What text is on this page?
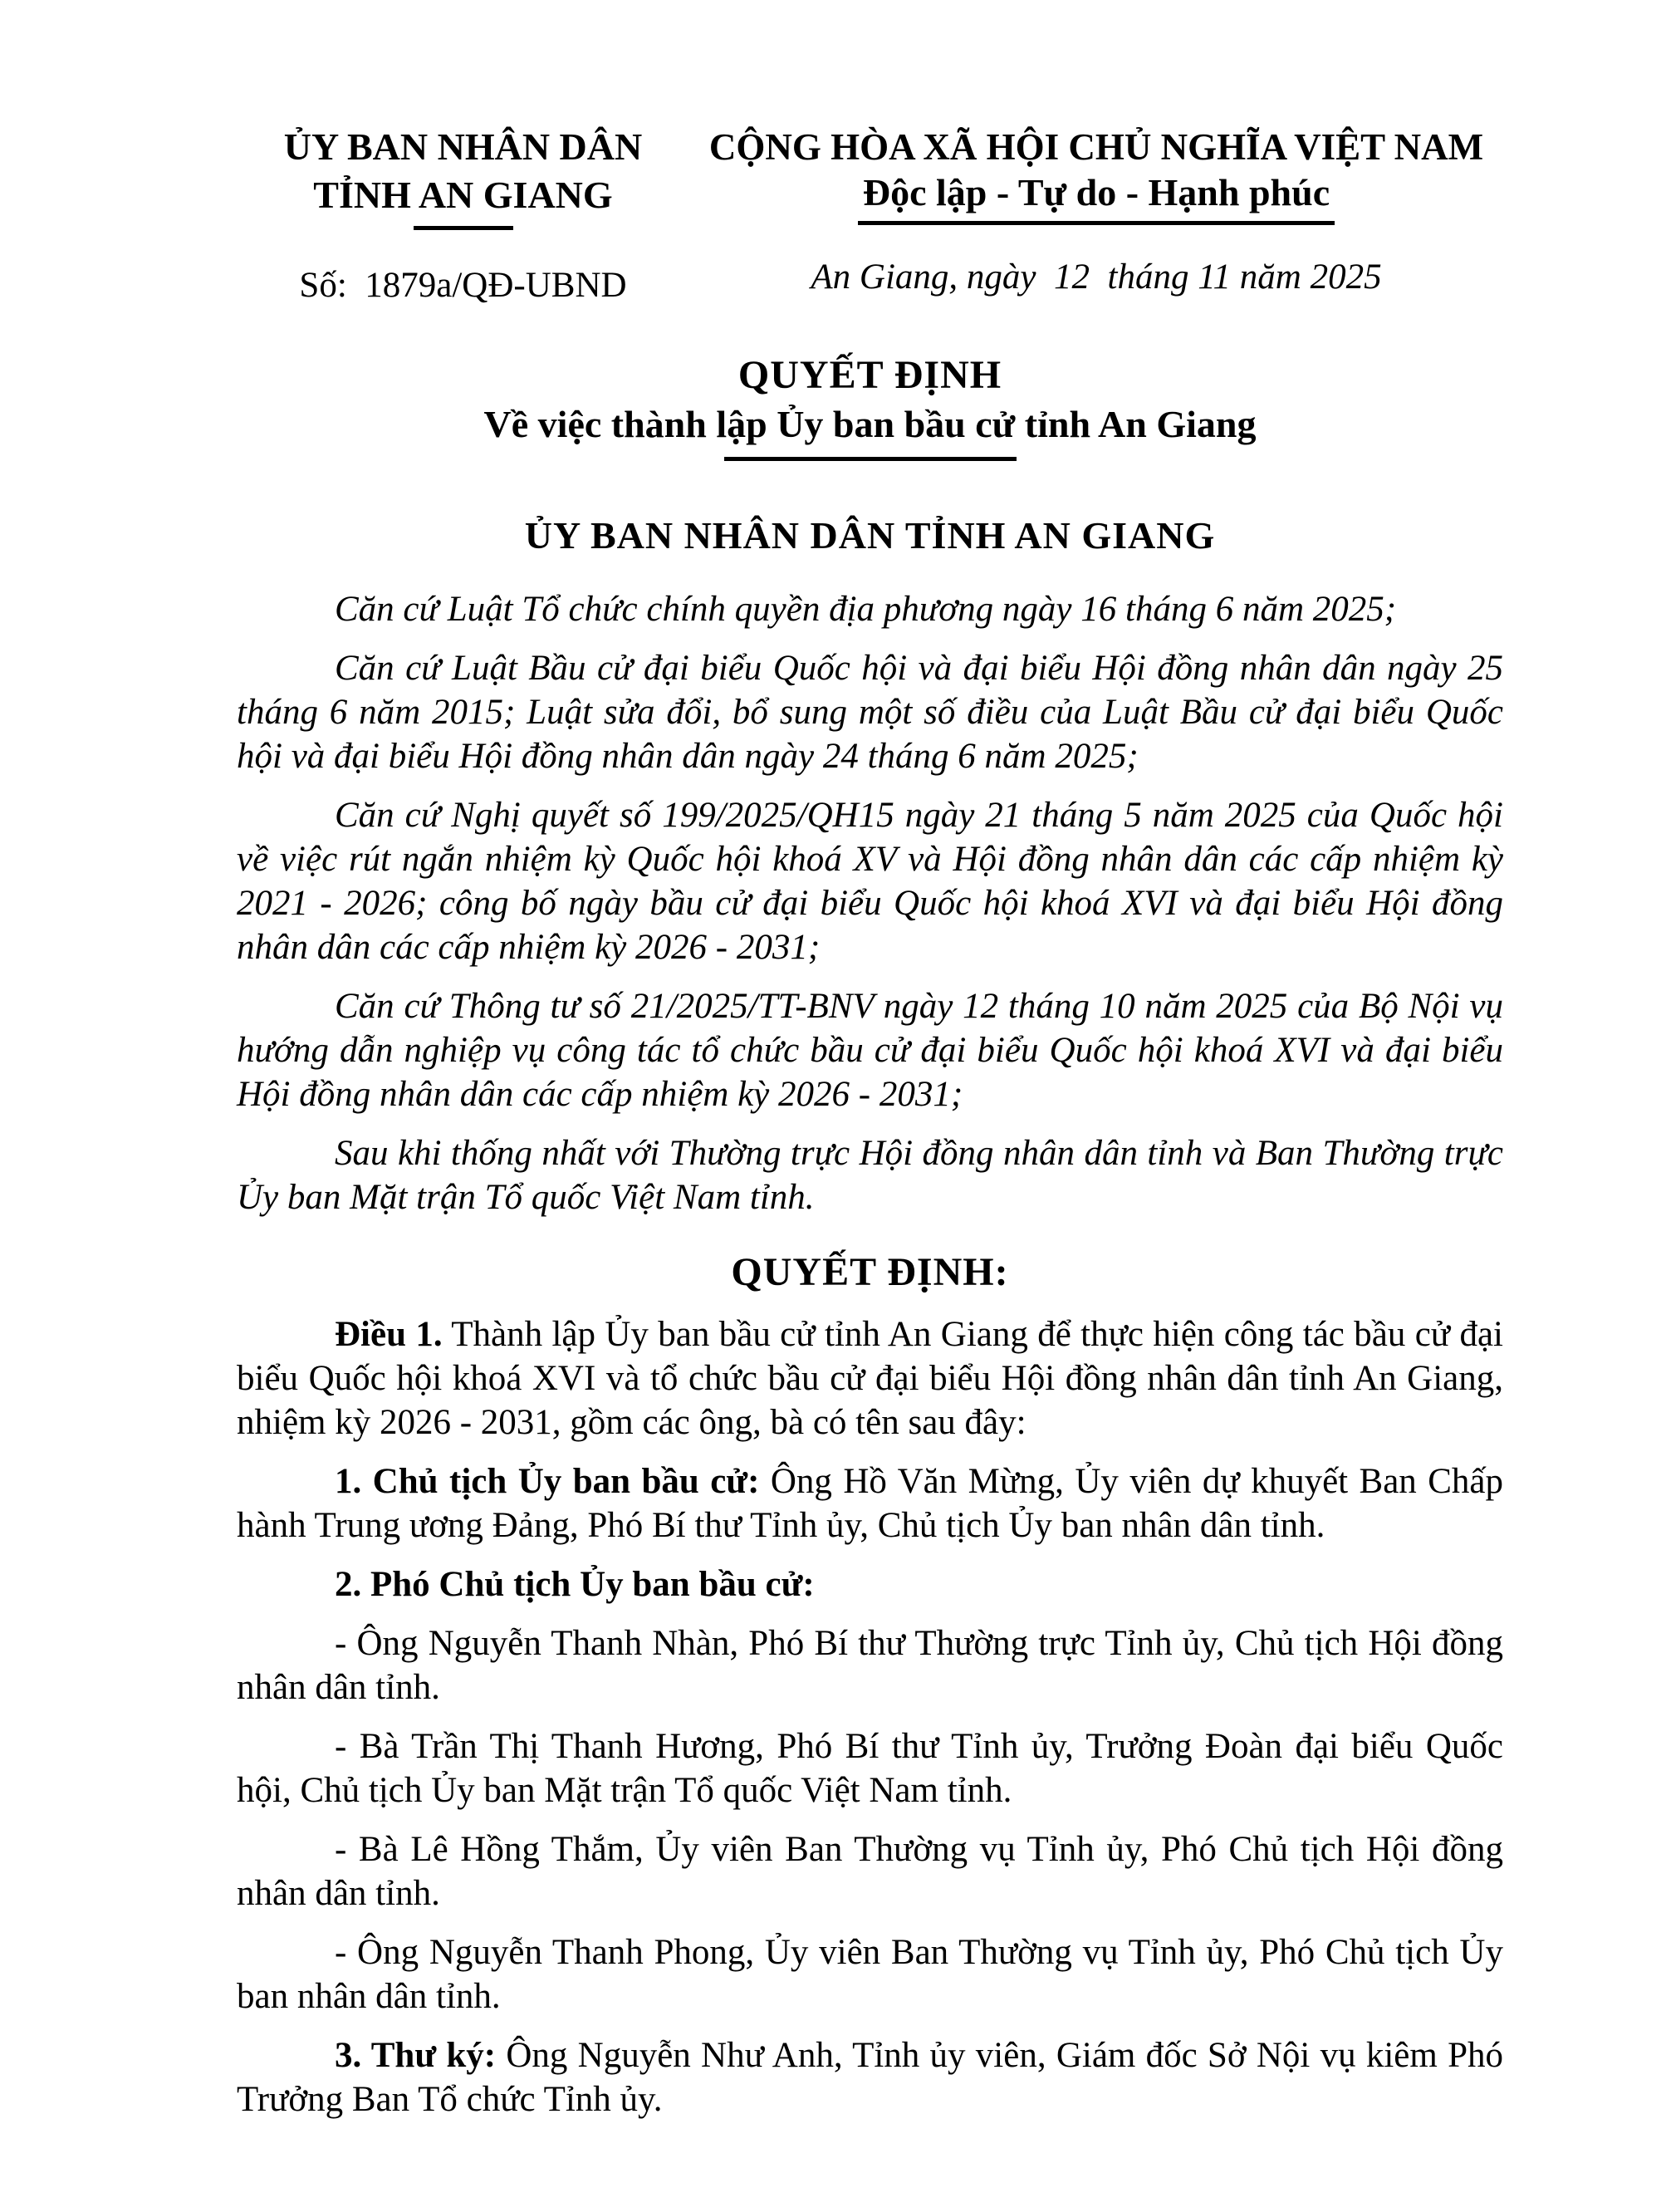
ỦY BAN NHÂN DÂN
TỈNH AN GIANG
Số:  1879a/QĐ-UBND
CỘNG HÒA XÃ HỘI CHỦ NGHĨA VIỆT NAM
Độc lập - Tự do - Hạnh phúc
An Giang, ngày  12  tháng 11 năm 2025
QUYẾT ĐỊNH
Về việc thành lập Ủy ban bầu cử tỉnh An Giang
ỦY BAN NHÂN DÂN TỈNH AN GIANG

Căn cứ Luật Tổ chức chính quyền địa phương ngày 16 tháng 6 năm 2025;

Căn cứ Luật Bầu cử đại biểu Quốc hội và đại biểu Hội đồng nhân dân ngày 25 tháng 6 năm 2015; Luật sửa đổi, bổ sung một số điều của Luật Bầu cử đại biểu Quốc hội và đại biểu Hội đồng nhân dân ngày 24 tháng 6 năm 2025;

Căn cứ Nghị quyết số 199/2025/QH15 ngày 21 tháng 5 năm 2025 của Quốc hội về việc rút ngắn nhiệm kỳ Quốc hội khoá XV và Hội đồng nhân dân các cấp nhiệm kỳ 2021 - 2026; công bố ngày bầu cử đại biểu Quốc hội khoá XVI và đại biểu Hội đồng nhân dân các cấp nhiệm kỳ 2026 - 2031;

Căn cứ Thông tư số 21/2025/TT-BNV ngày 12 tháng 10 năm 2025 của Bộ Nội vụ hướng dẫn nghiệp vụ công tác tổ chức bầu cử đại biểu Quốc hội khoá XVI và đại biểu Hội đồng nhân dân các cấp nhiệm kỳ 2026 - 2031;

Sau khi thống nhất với Thường trực Hội đồng nhân dân tỉnh và Ban Thường trực Ủy ban Mặt trận Tổ quốc Việt Nam tỉnh.

QUYẾT ĐỊNH:

Điều 1. Thành lập Ủy ban bầu cử tỉnh An Giang để thực hiện công tác bầu cử đại biểu Quốc hội khoá XVI và tổ chức bầu cử đại biểu Hội đồng nhân dân tỉnh An Giang, nhiệm kỳ 2026 - 2031, gồm các ông, bà có tên sau đây:

1. Chủ tịch Ủy ban bầu cử: Ông Hồ Văn Mừng, Ủy viên dự khuyết Ban Chấp hành Trung ương Đảng, Phó Bí thư Tỉnh ủy, Chủ tịch Ủy ban nhân dân tỉnh.

2. Phó Chủ tịch Ủy ban bầu cử:

- Ông Nguyễn Thanh Nhàn, Phó Bí thư Thường trực Tỉnh ủy, Chủ tịch Hội đồng nhân dân tỉnh.

- Bà Trần Thị Thanh Hương, Phó Bí thư Tỉnh ủy, Trưởng Đoàn đại biểu Quốc hội, Chủ tịch Ủy ban Mặt trận Tổ quốc Việt Nam tỉnh.

- Bà Lê Hồng Thắm, Ủy viên Ban Thường vụ Tỉnh ủy, Phó Chủ tịch Hội đồng nhân dân tỉnh.

- Ông Nguyễn Thanh Phong, Ủy viên Ban Thường vụ Tỉnh ủy, Phó Chủ tịch Ủy ban nhân dân tỉnh.

3. Thư ký: Ông Nguyễn Như Anh, Tỉnh ủy viên, Giám đốc Sở Nội vụ kiêm Phó Trưởng Ban Tổ chức Tỉnh ủy.
